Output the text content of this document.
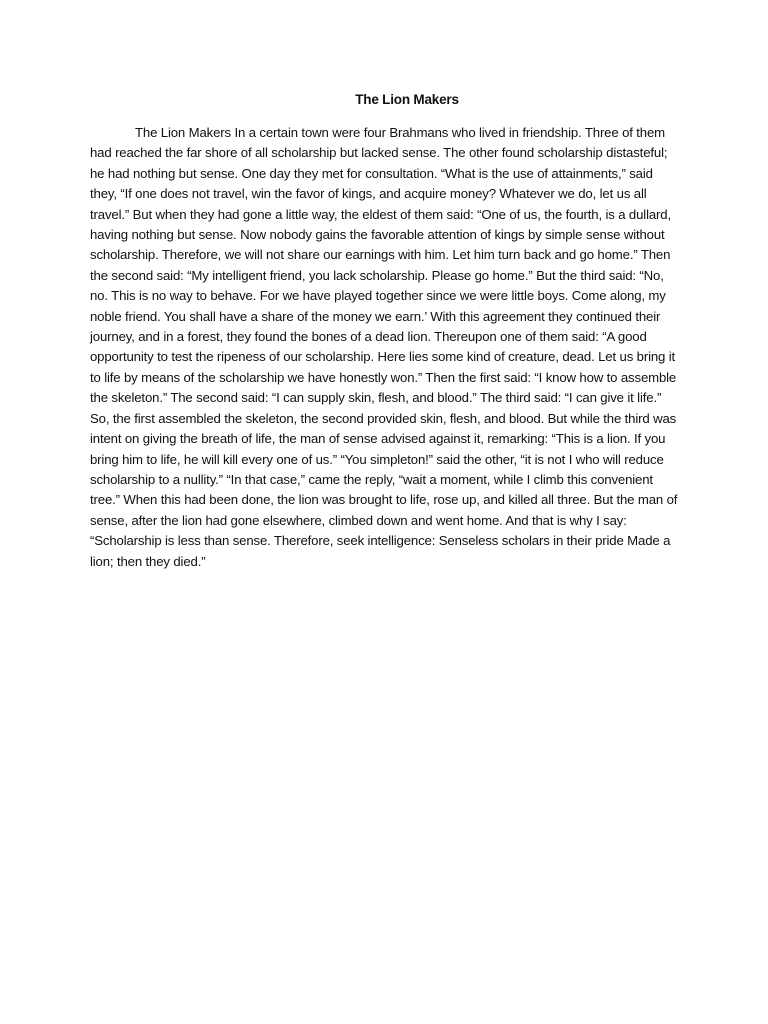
The Lion Makers

The Lion Makers In a certain town were four Brahmans who lived in friendship. Three of them had reached the far shore of all scholarship but lacked sense. The other found scholarship distasteful; he had nothing but sense. One day they met for consultation. “What is the use of attainments,” said they, “If one does not travel, win the favor of kings, and acquire money? Whatever we do, let us all travel.” But when they had gone a little way, the eldest of them said: “One of us, the fourth, is a dullard, having nothing but sense. Now nobody gains the favorable attention of kings by simple sense without scholarship. Therefore, we will not share our earnings with him. Let him turn back and go home.” Then the second said: “My intelligent friend, you lack scholarship. Please go home.” But the third said: “No, no. This is no way to behave. For we have played together since we were little boys. Come along, my noble friend. You shall have a share of the money we earn.’ With this agreement they continued their journey, and in a forest, they found the bones of a dead lion. Thereupon one of them said: “A good opportunity to test the ripeness of our scholarship. Here lies some kind of creature, dead. Let us bring it to life by means of the scholarship we have honestly won.” Then the first said: “I know how to assemble the skeleton.” The second said: “I can supply skin, flesh, and blood.” The third said: “I can give it life.” So, the first assembled the skeleton, the second provided skin, flesh, and blood. But while the third was intent on giving the breath of life, the man of sense advised against it, remarking: “This is a lion. If you bring him to life, he will kill every one of us.” “You simpleton!” said the other, “it is not I who will reduce scholarship to a nullity.” “In that case,” came the reply, “wait a moment, while I climb this convenient tree.” When this had been done, the lion was brought to life, rose up, and killed all three. But the man of sense, after the lion had gone elsewhere, climbed down and went home. And that is why I say: “Scholarship is less than sense. Therefore, seek intelligence: Senseless scholars in their pride Made a lion; then they died.”
